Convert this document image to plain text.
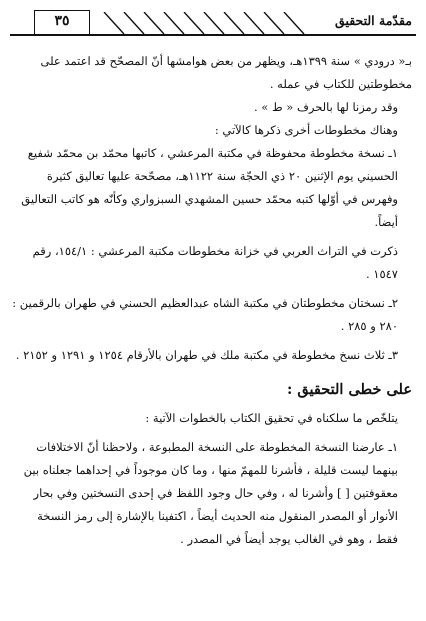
مقدّمة التحقيق
٣٥

بـ« درودي » سنة ١٣٩٩هـ، ويظهر من بعض هوامشها أنّ المصحّح قد اعتمد على مخطوطتين للكتاب في عمله .

وقد رمزنا لها بالحرف « ط » .

وهناك مخطوطات أخرى ذكرها كالآتي :

١ـ نسخة مخطوطة محفوظة في مكتبة المرعشي ، كاتبها محمّد بن محمّد شفيع الحسيني يوم الإثنين ٢٠ ذي الحجّة سنة ١١٢٢هـ، مصحّحة عليها تعاليق كثيرة وفهرس في أوّلها كتبه محمّد حسين المشهدي السبزواري وكأنّه هو كاتب التعاليق أيضاً.

ذكرت في التراث العربي في خزانة مخطوطات مكتبة المرعشي : ١٥٤/١، رقم ١٥٤٧ .

٢ـ نسختان مخطوطتان في مكتبة الشاه عبدالعظيم الحسني في طهران بالرقمين : ٢٨٠ و ٢٨٥ .

٣ـ ثلاث نسخ مخطوطة في مكتبة ملك في طهران بالأرقام ١٢٥٤ و ١٢٩١ و ٢١٥٢ .

على خطى التحقيق :

يتلخّص ما سلكناه في تحقيق الكتاب بالخطوات الآتية :

١ـ عارضنا النسخة المخطوطة على النسخة المطبوعة ، ولاحظنا أنّ الاختلافات بينهما ليست قليلة ، فأشرنا للمهمّ منها ، وما كان موجوداً في إحداهما جعلناه بين معقوفتين [ ] وأشرنا له ، وفي حال وجود اللفظ في إحدى النسختين وفي بحار الأنوار أو المصدر المنقول منه الحديث أيضاً ، اكتفينا بالإشارة إلى رمز النسخة فقط ، وهو في الغالب يوجد أيضاً في المصدر .
